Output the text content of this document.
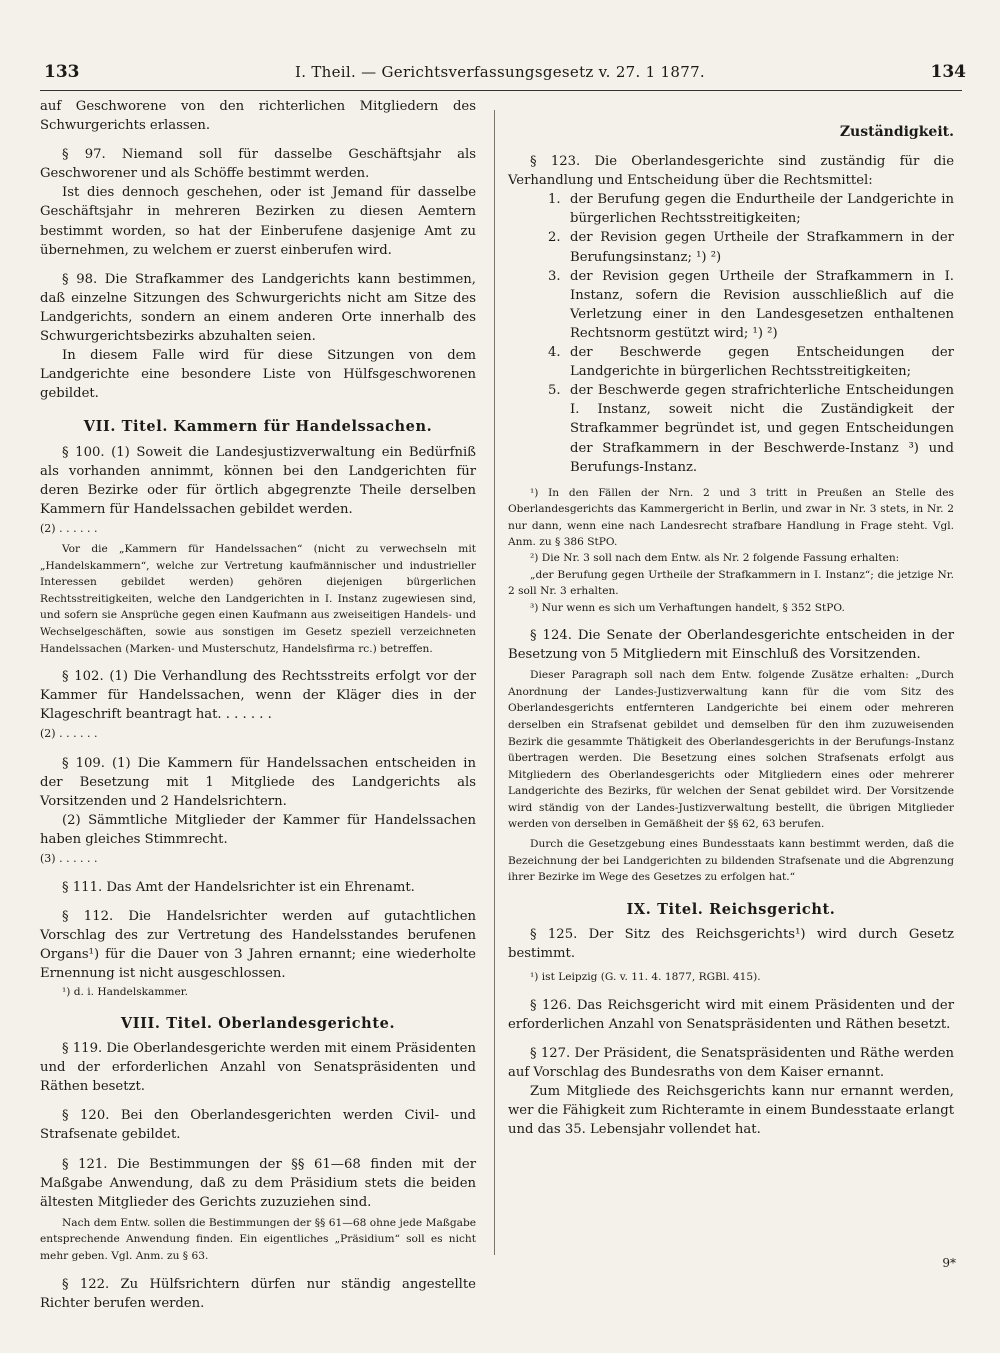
133	I. Theil. — Gerichtsverfassungsgesetz v. 27. 1 1877.	134

auf Geschworene von den richterlichen Mitgliedern des Schwurgerichts erlassen.

§ 97. Niemand soll für dasselbe Geschäftsjahr als Geschworener und als Schöffe bestimmt werden.

Ist dies dennoch geschehen, oder ist Jemand für dasselbe Geschäftsjahr in mehreren Bezirken zu diesen Aemtern bestimmt worden, so hat der Einberufene dasjenige Amt zu übernehmen, zu welchem er zuerst einberufen wird.

§ 98. Die Strafkammer des Landgerichts kann bestimmen, daß einzelne Sitzungen des Schwurgerichts nicht am Sitze des Landgerichts, sondern an einem anderen Orte innerhalb des Schwurgerichtsbezirks abzuhalten seien.

In diesem Falle wird für diese Sitzungen von dem Landgerichte eine besondere Liste von Hülfsgeschworenen gebildet.

VII. Titel. Kammern für Handelssachen.

§ 100. (1) Soweit die Landesjustizverwaltung ein Bedürfniß als vorhanden annimmt, können bei den Landgerichten für deren Bezirke oder für örtlich abgegrenzte Theile derselben Kammern für Handelssachen gebildet werden.

(2) . . . . . .

Vor die „Kammern für Handelssachen“ (nicht zu verwechseln mit „Handelskammern“, welche zur Vertretung kaufmännischer und industrieller Interessen gebildet werden) gehören diejenigen bürgerlichen Rechtsstreitigkeiten, welche den Landgerichten in I. Instanz zugewiesen sind, und sofern sie Ansprüche gegen einen Kaufmann aus zweiseitigen Handels- und Wechselgeschäften, sowie aus sonstigen im Gesetz speziell verzeichneten Handelssachen (Marken- und Musterschutz, Handelsfirma rc.) betreffen.

§ 102. (1) Die Verhandlung des Rechtsstreits erfolgt vor der Kammer für Handelssachen, wenn der Kläger dies in der Klageschrift beantragt hat. . . . . . .

(2) . . . . . .

§ 109. (1) Die Kammern für Handelssachen entscheiden in der Besetzung mit 1 Mitgliede des Landgerichts als Vorsitzenden und 2 Handelsrichtern.

(2) Sämmtliche Mitglieder der Kammer für Handelssachen haben gleiches Stimmrecht.

(3) . . . . . .

§ 111. Das Amt der Handelsrichter ist ein Ehrenamt.

§ 112. Die Handelsrichter werden auf gutachtlichen Vorschlag des zur Vertretung des Handelsstandes berufenen Organs¹) für die Dauer von 3 Jahren ernannt; eine wiederholte Ernennung ist nicht ausgeschlossen.

¹) d. i. Handelskammer.

VIII. Titel. Oberlandesgerichte.

§ 119. Die Oberlandesgerichte werden mit einem Präsidenten und der erforderlichen Anzahl von Senatspräsidenten und Räthen besetzt.

§ 120. Bei den Oberlandesgerichten werden Civil- und Strafsenate gebildet.

§ 121. Die Bestimmungen der §§ 61—68 finden mit der Maßgabe Anwendung, daß zu dem Präsidium stets die beiden ältesten Mitglieder des Gerichts zuzuziehen sind.

Nach dem Entw. sollen die Bestimmungen der §§ 61—68 ohne jede Maßgabe entsprechende Anwendung finden. Ein eigentliches „Präsidium“ soll es nicht mehr geben. Vgl. Anm. zu § 63.

§ 122. Zu Hülfsrichtern dürfen nur ständig angestellte Richter berufen werden.

Zuständigkeit.

§ 123. Die Oberlandesgerichte sind zuständig für die Verhandlung und Entscheidung über die Rechtsmittel:

1. der Berufung gegen die Endurtheile der Landgerichte in bürgerlichen Rechtsstreitigkeiten;
2. der Revision gegen Urtheile der Strafkammern in der Berufungsinstanz; ¹) ²)
3. der Revision gegen Urtheile der Strafkammern in I. Instanz, sofern die Revision ausschließlich auf die Verletzung einer in den Landesgesetzen enthaltenen Rechtsnorm gestützt wird; ¹) ²)
4. der Beschwerde gegen Entscheidungen der Landgerichte in bürgerlichen Rechtsstreitigkeiten;
5. der Beschwerde gegen strafrichterliche Entscheidungen I. Instanz, soweit nicht die Zuständigkeit der Strafkammer begründet ist, und gegen Entscheidungen der Strafkammern in der Beschwerde-Instanz ³) und Berufungs-Instanz.

¹) In den Fällen der Nrn. 2 und 3 tritt in Preußen an Stelle des Oberlandesgerichts das Kammergericht in Berlin, und zwar in Nr. 3 stets, in Nr. 2 nur dann, wenn eine nach Landesrecht strafbare Handlung in Frage steht. Vgl. Anm. zu § 386 StPO.

²) Die Nr. 3 soll nach dem Entw. als Nr. 2 folgende Fassung erhalten:

„der Berufung gegen Urtheile der Strafkammern in I. Instanz“; die jetzige Nr. 2 soll Nr. 3 erhalten.

³) Nur wenn es sich um Verhaftungen handelt, § 352 StPO.

§ 124. Die Senate der Oberlandesgerichte entscheiden in der Besetzung von 5 Mitgliedern mit Einschluß des Vorsitzenden.

Dieser Paragraph soll nach dem Entw. folgende Zusätze erhalten: „Durch Anordnung der Landes-Justizverwaltung kann für die vom Sitz des Oberlandesgerichts entfernteren Landgerichte bei einem oder mehreren derselben ein Strafsenat gebildet und demselben für den ihm zuzuweisenden Bezirk die gesammte Thätigkeit des Oberlandesgerichts in der Berufungs-Instanz übertragen werden. Die Besetzung eines solchen Strafsenats erfolgt aus Mitgliedern des Oberlandesgerichts oder Mitgliedern eines oder mehrerer Landgerichte des Bezirks, für welchen der Senat gebildet wird. Der Vorsitzende wird ständig von der Landes-Justizverwaltung bestellt, die übrigen Mitglieder werden von derselben in Gemäßheit der §§ 62, 63 berufen.

Durch die Gesetzgebung eines Bundesstaats kann bestimmt werden, daß die Bezeichnung der bei Landgerichten zu bildenden Strafsenate und die Abgrenzung ihrer Bezirke im Wege des Gesetzes zu erfolgen hat.“

IX. Titel. Reichsgericht.

§ 125. Der Sitz des Reichsgerichts¹) wird durch Gesetz bestimmt.

¹) ist Leipzig (G. v. 11. 4. 1877, RGBl. 415).

§ 126. Das Reichsgericht wird mit einem Präsidenten und der erforderlichen Anzahl von Senatspräsidenten und Räthen besetzt.

§ 127. Der Präsident, die Senatspräsidenten und Räthe werden auf Vorschlag des Bundesraths von dem Kaiser ernannt.

Zum Mitgliede des Reichsgerichts kann nur ernannt werden, wer die Fähigkeit zum Richteramte in einem Bundesstaate erlangt und das 35. Lebensjahr vollendet hat.

9*
